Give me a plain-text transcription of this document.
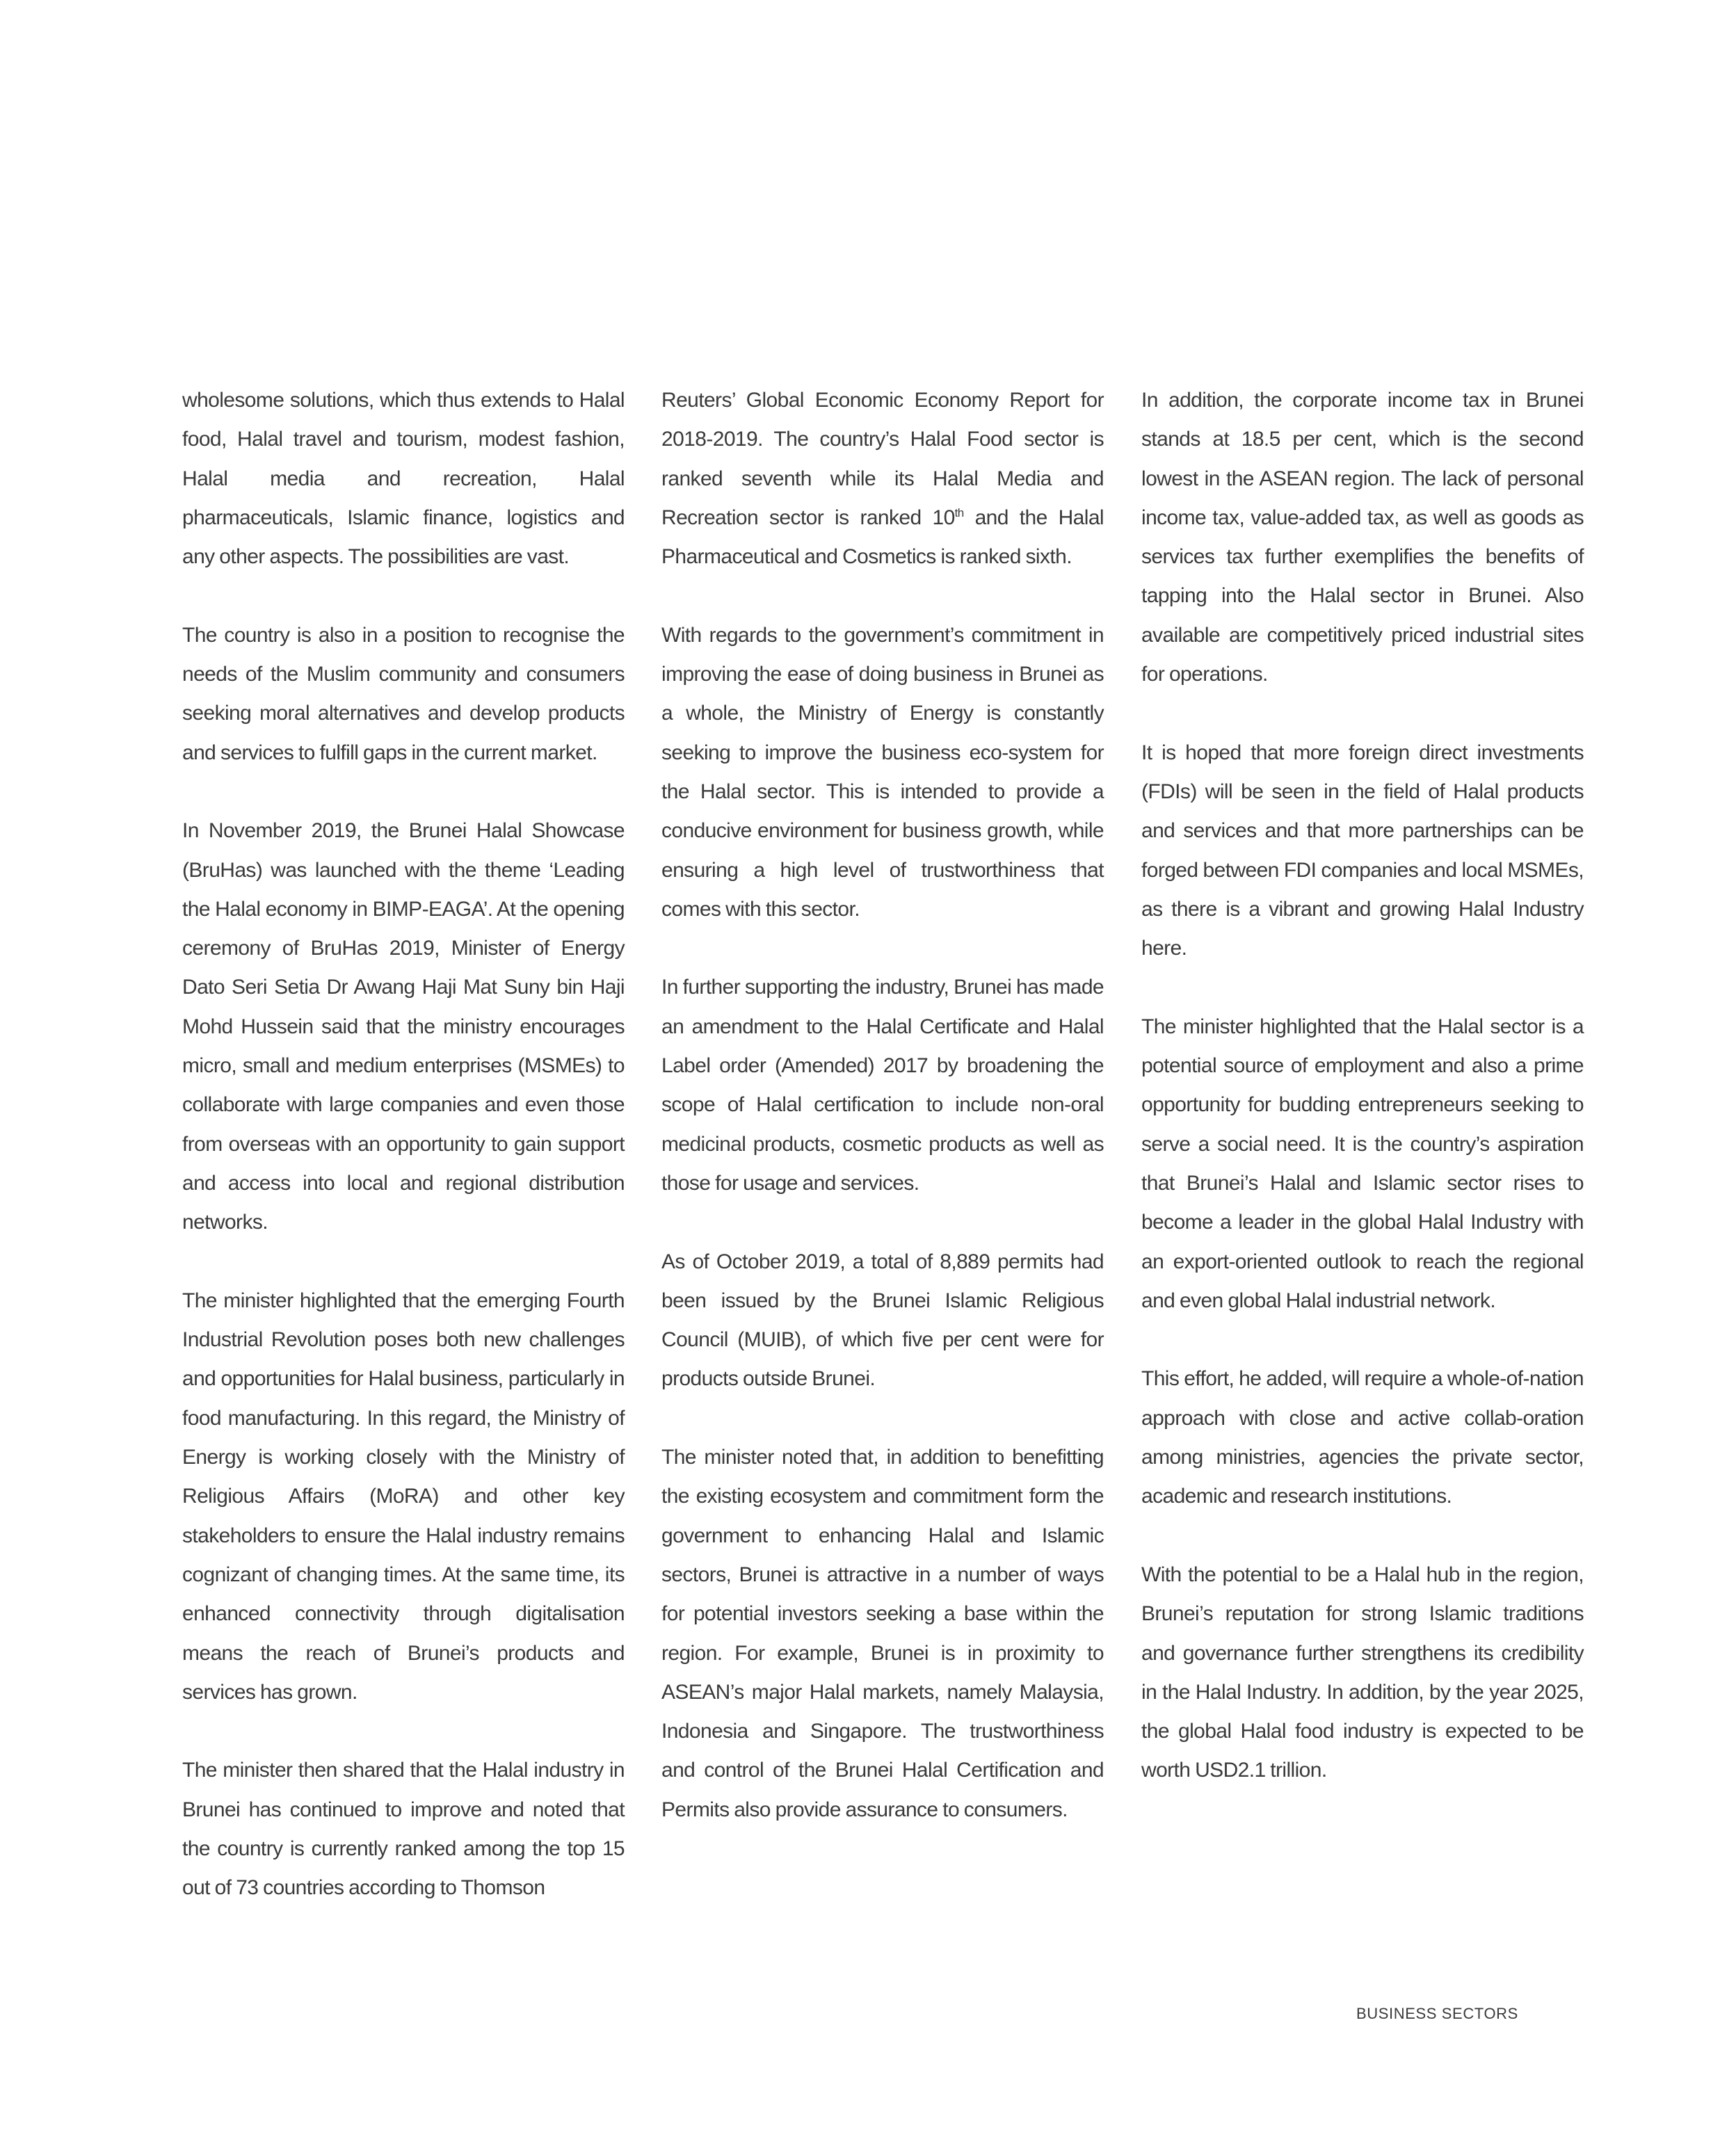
wholesome solutions, which thus extends to Halal food, Halal travel and tourism, modest fashion, Halal media and recreation, Halal pharmaceuticals, Islamic finance, logistics and any other aspects. The possibilities are vast.

The country is also in a position to recognise the needs of the Muslim community and consumers seeking moral alternatives and develop products and services to fulfill gaps in the current market.

In November 2019, the Brunei Halal Showcase (BruHas) was launched with the theme ‘Leading the Halal economy in BIMP-EAGA’. At the opening ceremony of BruHas 2019, Minister of Energy Dato Seri Setia Dr Awang Haji Mat Suny bin Haji Mohd Hussein said that the ministry encourages micro, small and medium enterprises (MSMEs) to collaborate with large companies and even those from overseas with an opportunity to gain support and access into local and regional distribution networks.

The minister highlighted that the emerging Fourth Industrial Revolution poses both new challenges and opportunities for Halal business, particularly in food manufacturing. In this regard, the Ministry of Energy is working closely with the Ministry of Religious Affairs (MoRA) and other key stakeholders to ensure the Halal industry remains cognizant of changing times. At the same time, its enhanced connectivity through digitalisation means the reach of Brunei’s products and services has grown.

The minister then shared that the Halal industry in Brunei has continued to improve and noted that the country is currently ranked among the top 15 out of 73 countries according to Thomson

Reuters’ Global Economic Economy Report for 2018-2019. The country’s Halal Food sector is ranked seventh while its Halal Media and Recreation sector is ranked 10th and the Halal Pharmaceutical and Cosmetics is ranked sixth.

With regards to the government’s commitment in improving the ease of doing business in Brunei as a whole, the Ministry of Energy is constantly seeking to improve the business eco-system for the Halal sector. This is intended to provide a conducive environment for business growth, while ensuring a high level of trustworthiness that comes with this sector.

In further supporting the industry, Brunei has made an amendment to the Halal Certificate and Halal Label order (Amended) 2017 by broadening the scope of Halal certification to include non-oral medicinal products, cosmetic products as well as those for usage and services.

As of October 2019, a total of 8,889 permits had been issued by the Brunei Islamic Religious Council (MUIB), of which five per cent were for products outside Brunei.

The minister noted that, in addition to benefitting the existing ecosystem and commitment form the government to enhancing Halal and Islamic sectors, Brunei is attractive in a number of ways for potential investors seeking a base within the region. For example, Brunei is in proximity to ASEAN’s major Halal markets, namely Malaysia, Indonesia and Singapore. The trustworthiness and control of the Brunei Halal Certification and Permits also provide assurance to consumers.

In addition, the corporate income tax in Brunei stands at 18.5 per cent, which is the second lowest in the ASEAN region. The lack of personal income tax, value-added tax, as well as goods as services tax further exemplifies the benefits of tapping into the Halal sector in Brunei. Also available are competitively priced industrial sites for operations.

It is hoped that more foreign direct investments (FDIs) will be seen in the field of Halal products and services and that more partnerships can be forged between FDI companies and local MSMEs, as there is a vibrant and growing Halal Industry here.

The minister highlighted that the Halal sector is a potential source of employment and also a prime opportunity for budding entrepreneurs seeking to serve a social need. It is the country’s aspiration that Brunei’s Halal and Islamic sector rises to become a leader in the global Halal Industry with an export-oriented outlook to reach the regional and even global Halal industrial network.

This effort, he added, will require a whole-of-nation approach with close and active collab-oration among ministries, agencies the private sector, academic and research institutions.

With the potential to be a Halal hub in the region, Brunei’s reputation for strong Islamic traditions and governance further strengthens its credibility in the Halal Industry. In addition, by the year 2025, the global Halal food industry is expected to be worth USD2.1 trillion.

BUSINESS SECTORS
